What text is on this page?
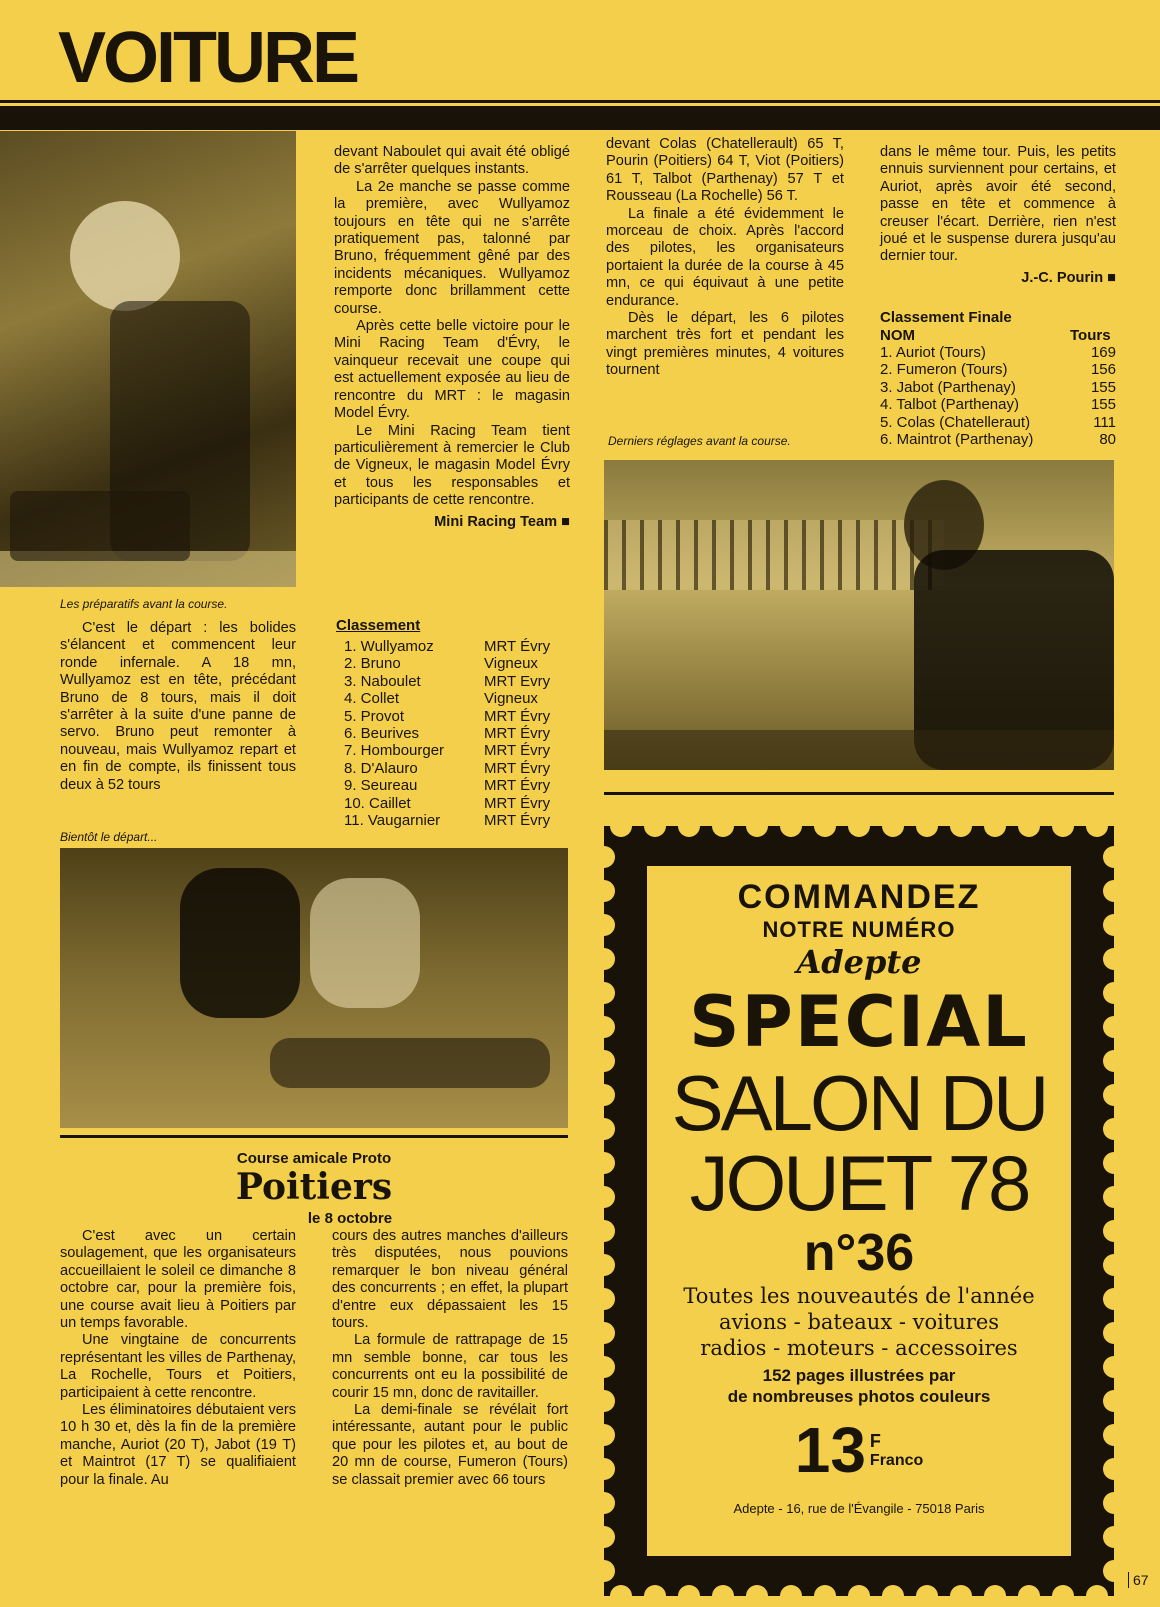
VOITURE
Les préparatifs avant la course.

C'est le départ : les bolides s'élancent et commencent leur ronde infernale. A 18 mn, Wullyamoz est en tête, précédant Bruno de 8 tours, mais il doit s'arrêter à la suite d'une panne de servo. Bruno peut remonter à nouveau, mais Wullyamoz repart et en fin de compte, ils finissent tous deux à 52 tours

Bientôt le départ...

devant Naboulet qui avait été obligé de s'arrêter quelques instants.

La 2e manche se passe comme la première, avec Wullyamoz toujours en tête qui ne s'arrête pratiquement pas, talonné par Bruno, fréquemment gêné par des incidents mécaniques. Wullyamoz remporte donc brillamment cette course.

Après cette belle victoire pour le Mini Racing Team d'Évry, le vainqueur recevait une coupe qui est actuellement exposée au lieu de rencontre du MRT : le magasin Model Évry.

Le Mini Racing Team tient particulièrement à remercier le Club de Vigneux, le magasin Model Évry et tous les responsables et participants de cette rencontre.

Mini Racing Team ■
Classement
1. Wullyamoz	MRT Évry
2. Bruno	Vigneux
3. Naboulet	MRT Evry
4. Collet	Vigneux
5. Provot	MRT Évry
6. Beurives	MRT Évry
7. Hombourger	MRT Évry
8. D'Alauro	MRT Évry
9. Seureau	MRT Évry
10. Caillet	MRT Évry
11. Vaugarnier	MRT Évry

devant Colas (Chatellerault) 65 T, Pourin (Poitiers) 64 T, Viot (Poitiers) 61 T, Talbot (Parthenay) 57 T et Rousseau (La Rochelle) 56 T.

La finale a été évidemment le morceau de choix. Après l'accord des pilotes, les organisateurs portaient la durée de la course à 45 mn, ce qui équivaut à une petite endurance.

Dès le départ, les 6 pilotes marchent très fort et pendant les vingt premières minutes, 4 voitures tournent

Derniers réglages avant la course.

dans le même tour. Puis, les petits ennuis surviennent pour certains, et Auriot, après avoir été second, passe en tête et commence à creuser l'écart. Derrière, rien n'est joué et le suspense durera jusqu'au dernier tour.

J.-C. Pourin ■
Classement Finale
NOM	Tours
1. Auriot (Tours)	169
2. Fumeron (Tours)	156
3. Jabot (Parthenay)	155
4. Talbot (Parthenay)	155
5. Colas (Chatelleraut)	111
6. Maintrot (Parthenay)	80
Course amicale Proto
Poitiers
le 8 octobre

C'est avec un certain soulagement, que les organisateurs accueillaient le soleil ce dimanche 8 octobre car, pour la première fois, une course avait lieu à Poitiers par un temps favorable.

Une vingtaine de concurrents représentant les villes de Parthenay, La Rochelle, Tours et Poitiers, participaient à cette rencontre.

Les éliminatoires débutaient vers 10 h 30 et, dès la fin de la première manche, Auriot (20 T), Jabot (19 T) et Maintrot (17 T) se qualifiaient pour la finale. Au

cours des autres manches d'ailleurs très disputées, nous pouvions remarquer le bon niveau général des concurrents ; en effet, la plupart d'entre eux dépassaient les 15 tours.

La formule de rattrapage de 15 mn semble bonne, car tous les concurrents ont eu la possibilité de courir 15 mn, donc de ravitailler.

La demi-finale se révélait fort intéressante, autant pour le public que pour les pilotes et, au bout de 20 mn de course, Fumeron (Tours) se classait premier avec 66 tours

COMMANDEZ
NOTRE NUMÉRO
Adepte
SPECIAL
SALON DU
JOUET 78
n°36
Toutes les nouveautés de l'année
avions - bateaux - voitures
radios - moteurs - accessoires
152 pages illustrées par
de nombreuses photos couleurs
13 F
Franco
Adepte - 16, rue de l'Évangile - 75018 Paris
67
